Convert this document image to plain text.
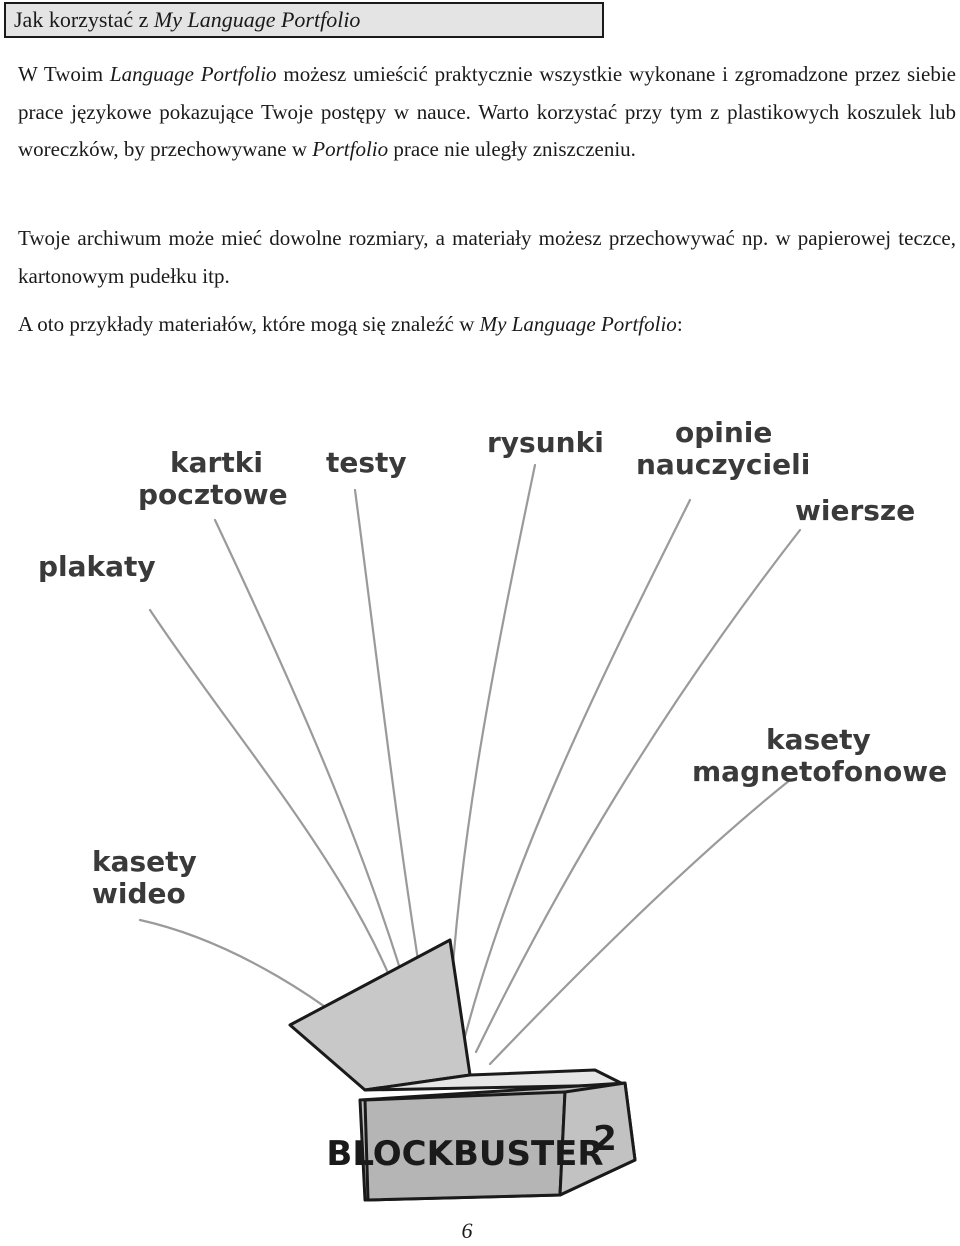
Jak korzystać z My Language Portfolio
W Twoim Language Portfolio możesz umieścić praktycznie wszystkie wykonane i zgromadzone przez siebie prace językowe pokazujące Twoje postępy w nauce. Warto korzystać przy tym z plastikowych koszulek lub woreczków, by przechowywane w Portfolio prace nie uległy zniszczeniu.
Twoje archiwum może mieć dowolne rozmiary, a materiały możesz przechowywać np. w papierowej teczce, kartonowym pudełku itp.
A oto przykłady materiałów, które mogą się znaleźć w My Language Portfolio:
BLOCKBUSTER
2
plakaty
kartki
pocztowe
testy
rysunki	opinie
nauczycieli
wiersze
kasety
magnetofonowe
kasety
wideo
6
